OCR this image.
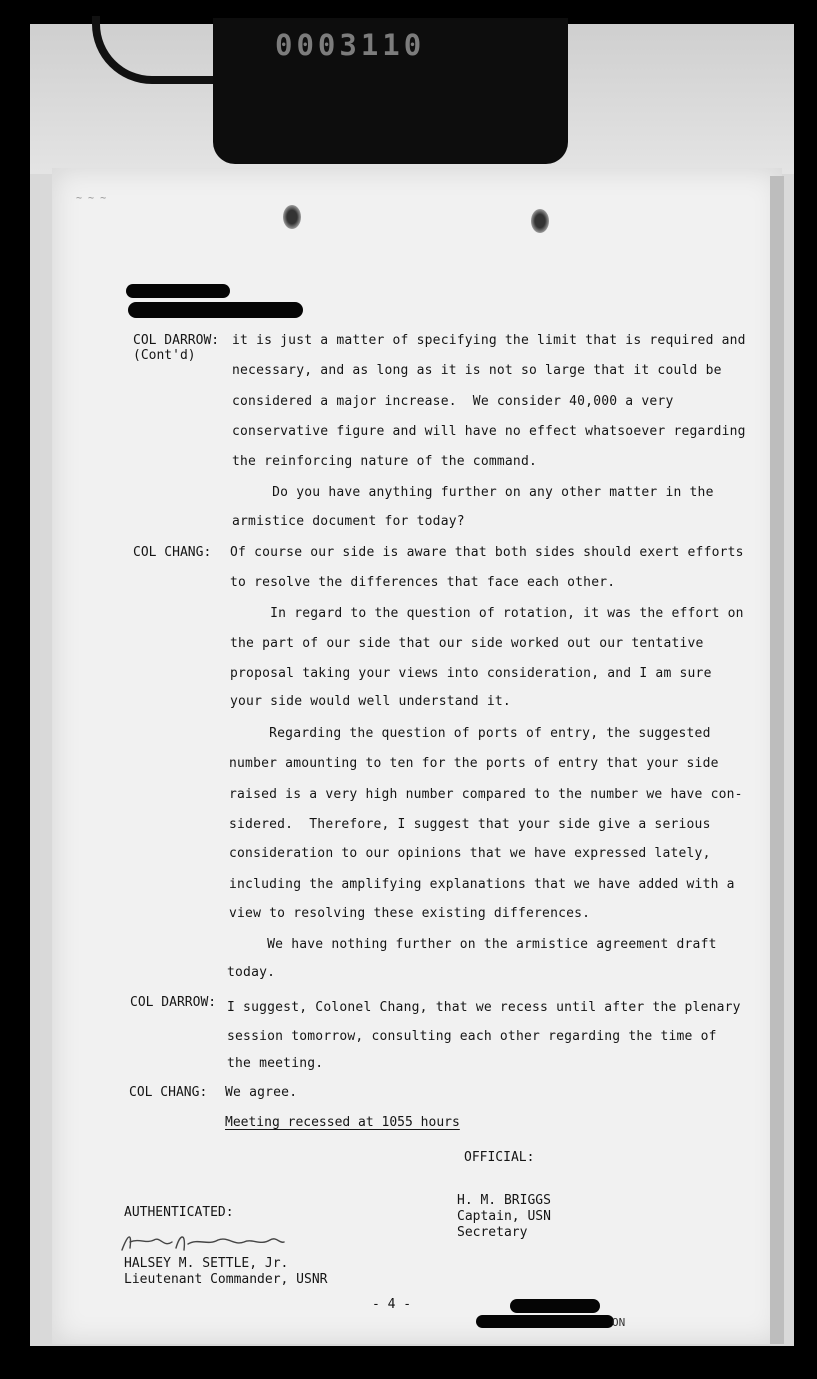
0003110
~ ~ ~
COL DARROW:
(Cont'd)
it is just a matter of specifying the limit that is required and
necessary, and as long as it is not so large that it could be
considered a major increase.  We consider 40,000 a very
conservative figure and will have no effect whatsoever regarding
the reinforcing nature of the command.
Do you have anything further on any other matter in the
armistice document for today?
COL CHANG: Of course our side is aware that both sides should exert efforts
to resolve the differences that face each other.
In regard to the question of rotation, it was the effort on
the part of our side that our side worked out our tentative
proposal taking your views into consideration, and I am sure
your side would well understand it.
Regarding the question of ports of entry, the suggested
number amounting to ten for the ports of entry that your side
raised is a very high number compared to the number we have con-
sidered.  Therefore, I suggest that your side give a serious
consideration to our opinions that we have expressed lately,
including the amplifying explanations that we have added with a
view to resolving these existing differences.
We have nothing further on the armistice agreement draft
today.
COL DARROW: I suggest, Colonel Chang, that we recess until after the plenary
session tomorrow, consulting each other regarding the time of
the meeting.
COL CHANG: We agree.
Meeting recessed at 1055 hours
OFFICIAL:
H. M. BRIGGS
Captain, USN
Secretary
AUTHENTICATED:
HALSEY M. SETTLE, Jr.
Lieutenant Commander, USNR
- 4 -
ON
